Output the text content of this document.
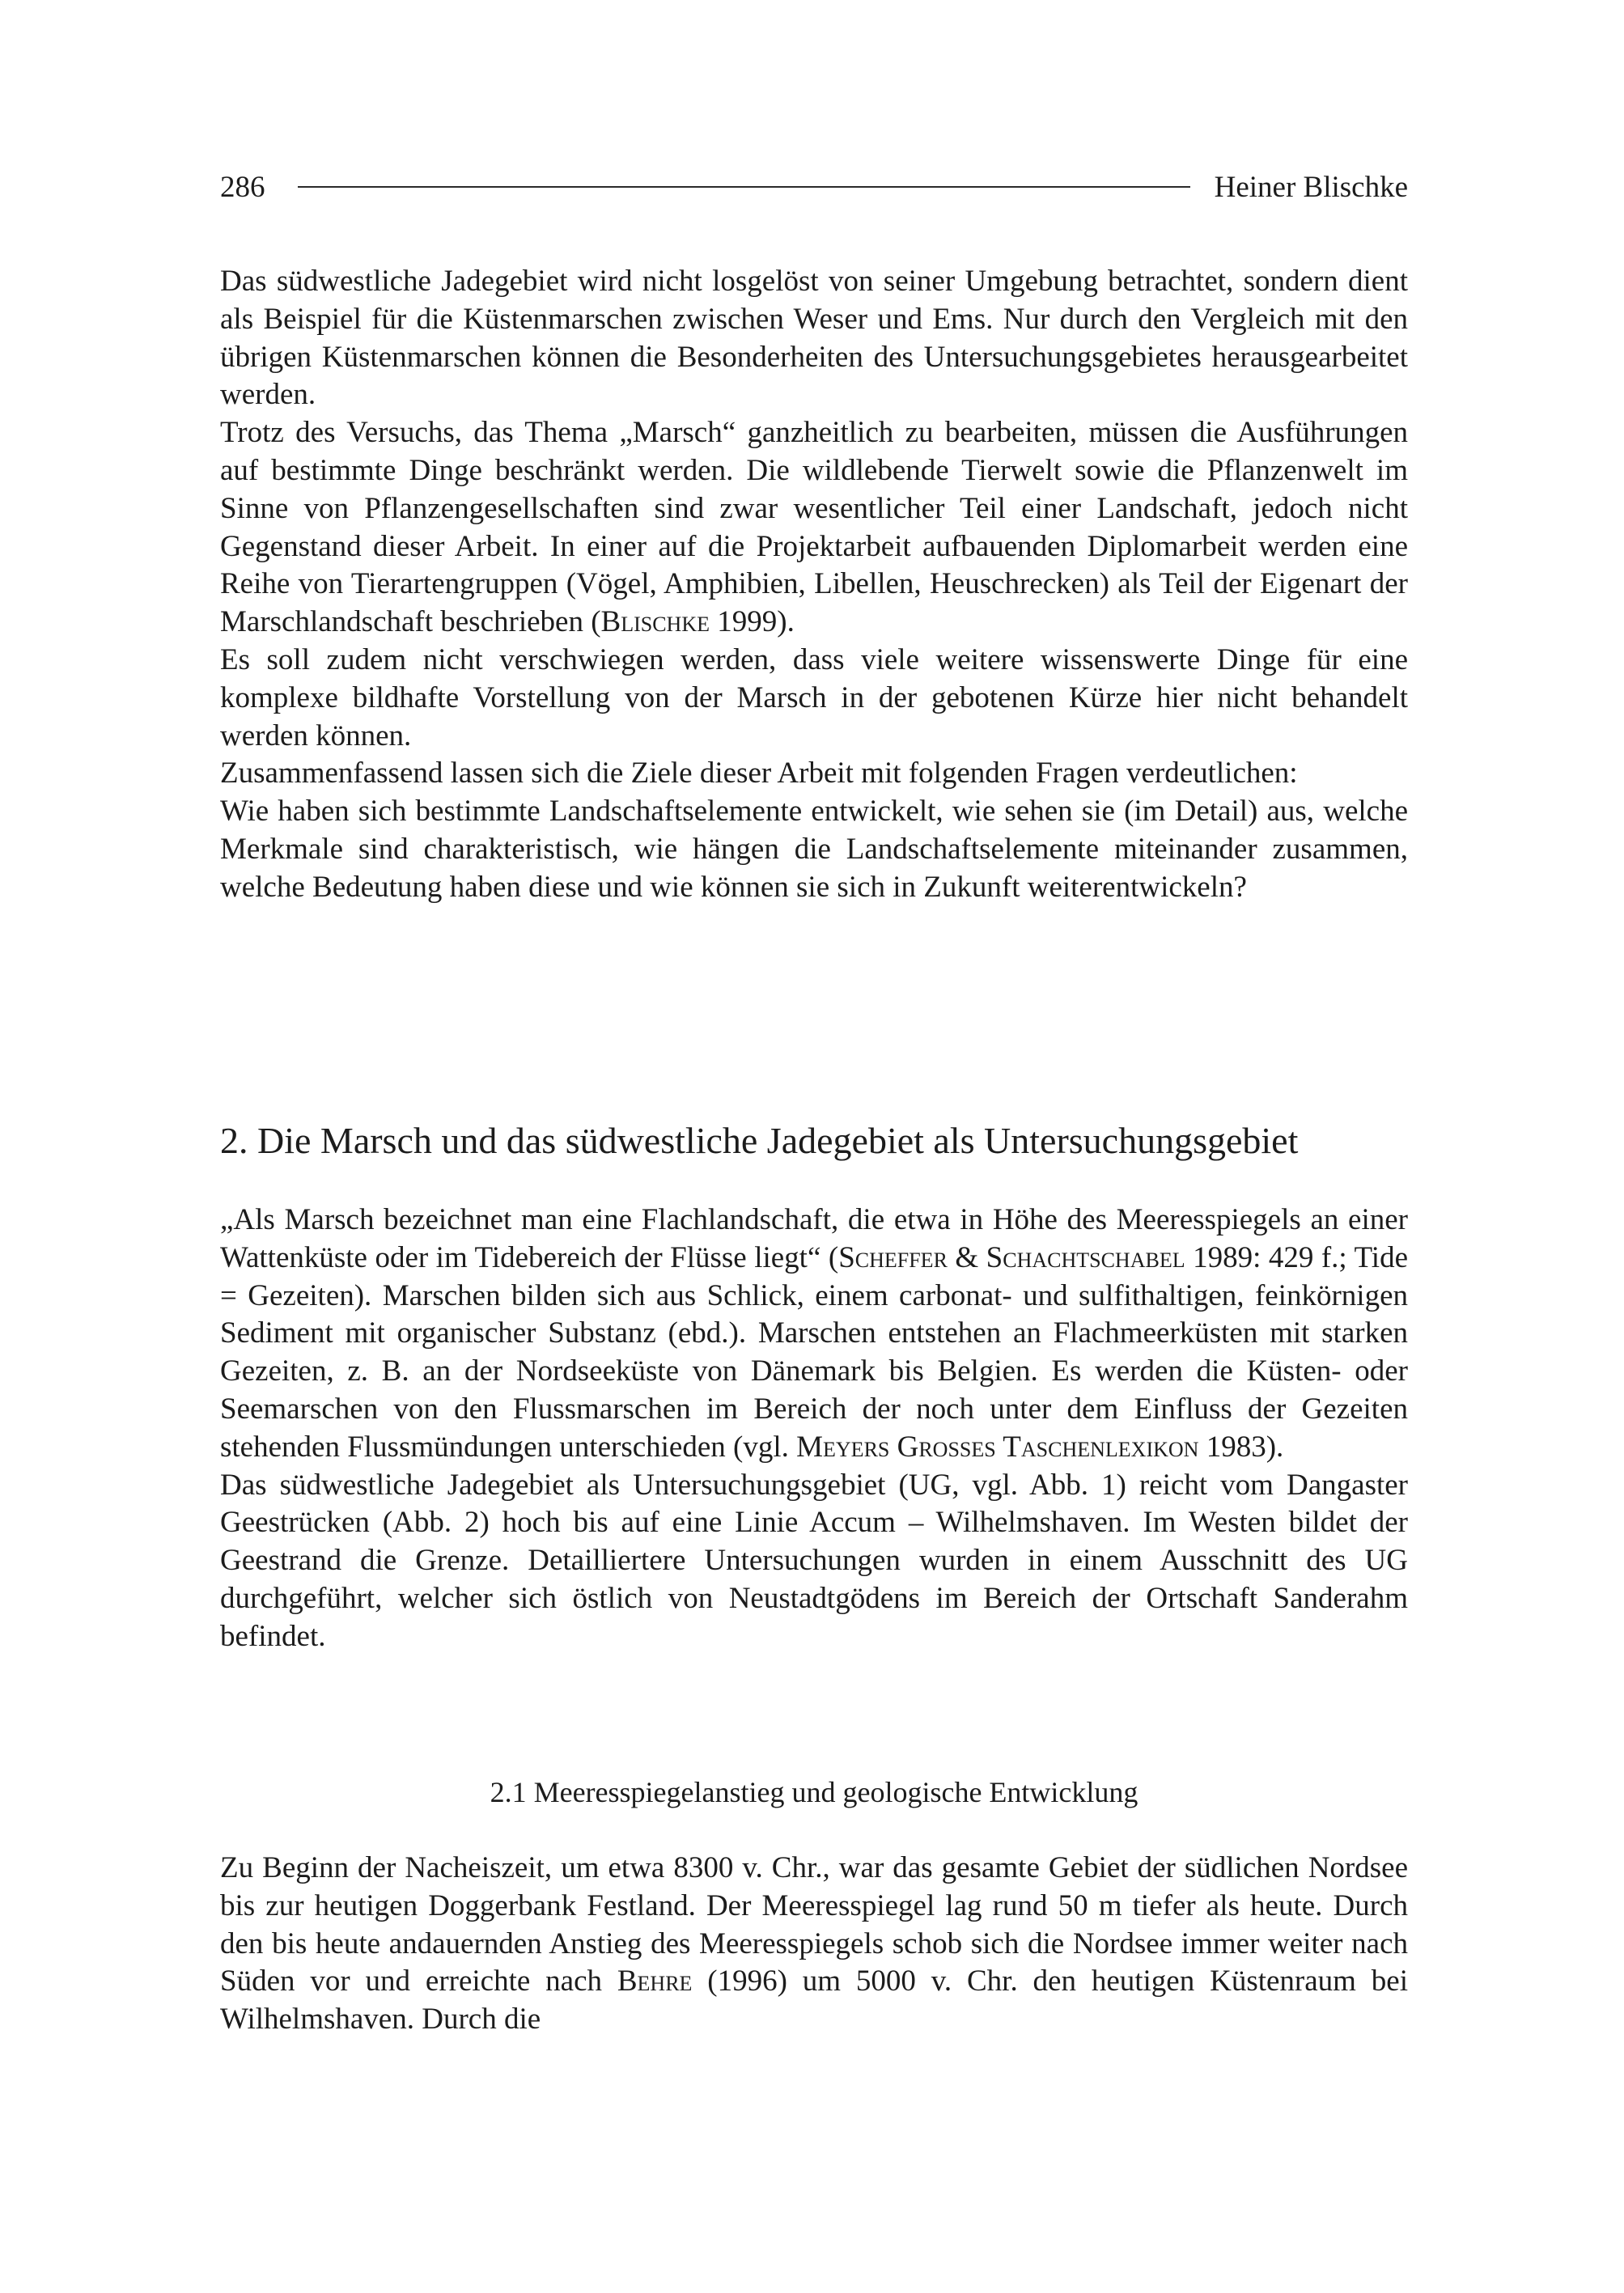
286	Heiner Blischke

Das südwestliche Jadegebiet wird nicht losgelöst von seiner Umgebung betrachtet, sondern dient als Beispiel für die Küstenmarschen zwischen Weser und Ems. Nur durch den Vergleich mit den übrigen Küstenmarschen können die Besonderheiten des Untersuchungsgebietes herausgearbeitet werden.

Trotz des Versuchs, das Thema „Marsch“ ganzheitlich zu bearbeiten, müssen die Ausführungen auf bestimmte Dinge beschränkt werden. Die wildlebende Tierwelt sowie die Pflanzenwelt im Sinne von Pflanzengesellschaften sind zwar wesentlicher Teil einer Landschaft, jedoch nicht Gegenstand dieser Arbeit. In einer auf die Projektarbeit aufbauenden Diplomarbeit werden eine Reihe von Tierartengruppen (Vögel, Amphibien, Libellen, Heuschrecken) als Teil der Eigenart der Marschlandschaft beschrieben (Blischke 1999).

Es soll zudem nicht verschwiegen werden, dass viele weitere wissenswerte Dinge für eine komplexe bildhafte Vorstellung von der Marsch in der gebotenen Kürze hier nicht behandelt werden können.

Zusammenfassend lassen sich die Ziele dieser Arbeit mit folgenden Fragen verdeutlichen:

Wie haben sich bestimmte Landschaftselemente entwickelt, wie sehen sie (im Detail) aus, welche Merkmale sind charakteristisch, wie hängen die Landschaftselemente miteinander zusammen, welche Bedeutung haben diese und wie können sie sich in Zukunft weiterentwickeln?

2. Die Marsch und das südwestliche Jadegebiet als Untersuchungsgebiet

„Als Marsch bezeichnet man eine Flachlandschaft, die etwa in Höhe des Meeresspiegels an einer Wattenküste oder im Tidebereich der Flüsse liegt“ (Scheffer & Schachtschabel 1989: 429 f.; Tide = Gezeiten). Marschen bilden sich aus Schlick, einem carbonat- und sulfithaltigen, feinkörnigen Sediment mit organischer Substanz (ebd.). Marschen entstehen an Flachmeerküsten mit starken Gezeiten, z. B. an der Nordseeküste von Dänemark bis Belgien. Es werden die Küsten- oder Seemarschen von den Flussmarschen im Bereich der noch unter dem Einfluss der Gezeiten stehenden Flussmündungen unterschieden (vgl. Meyers Großes Taschenlexikon 1983).

Das südwestliche Jadegebiet als Untersuchungsgebiet (UG, vgl. Abb. 1) reicht vom Dangaster Geestrücken (Abb. 2) hoch bis auf eine Linie Accum – Wilhelmshaven. Im Westen bildet der Geestrand die Grenze. Detailliertere Untersuchungen wurden in einem Ausschnitt des UG durchgeführt, welcher sich östlich von Neustadtgödens im Bereich der Ortschaft Sanderahm befindet.

2.1 Meeresspiegelanstieg und geologische Entwicklung

Zu Beginn der Nacheiszeit, um etwa 8300 v. Chr., war das gesamte Gebiet der südlichen Nordsee bis zur heutigen Doggerbank Festland. Der Meeresspiegel lag rund 50 m tiefer als heute. Durch den bis heute andauernden Anstieg des Meeresspiegels schob sich die Nordsee immer weiter nach Süden vor und erreichte nach Behre (1996) um 5000 v. Chr. den heutigen Küstenraum bei Wilhelmshaven. Durch die
